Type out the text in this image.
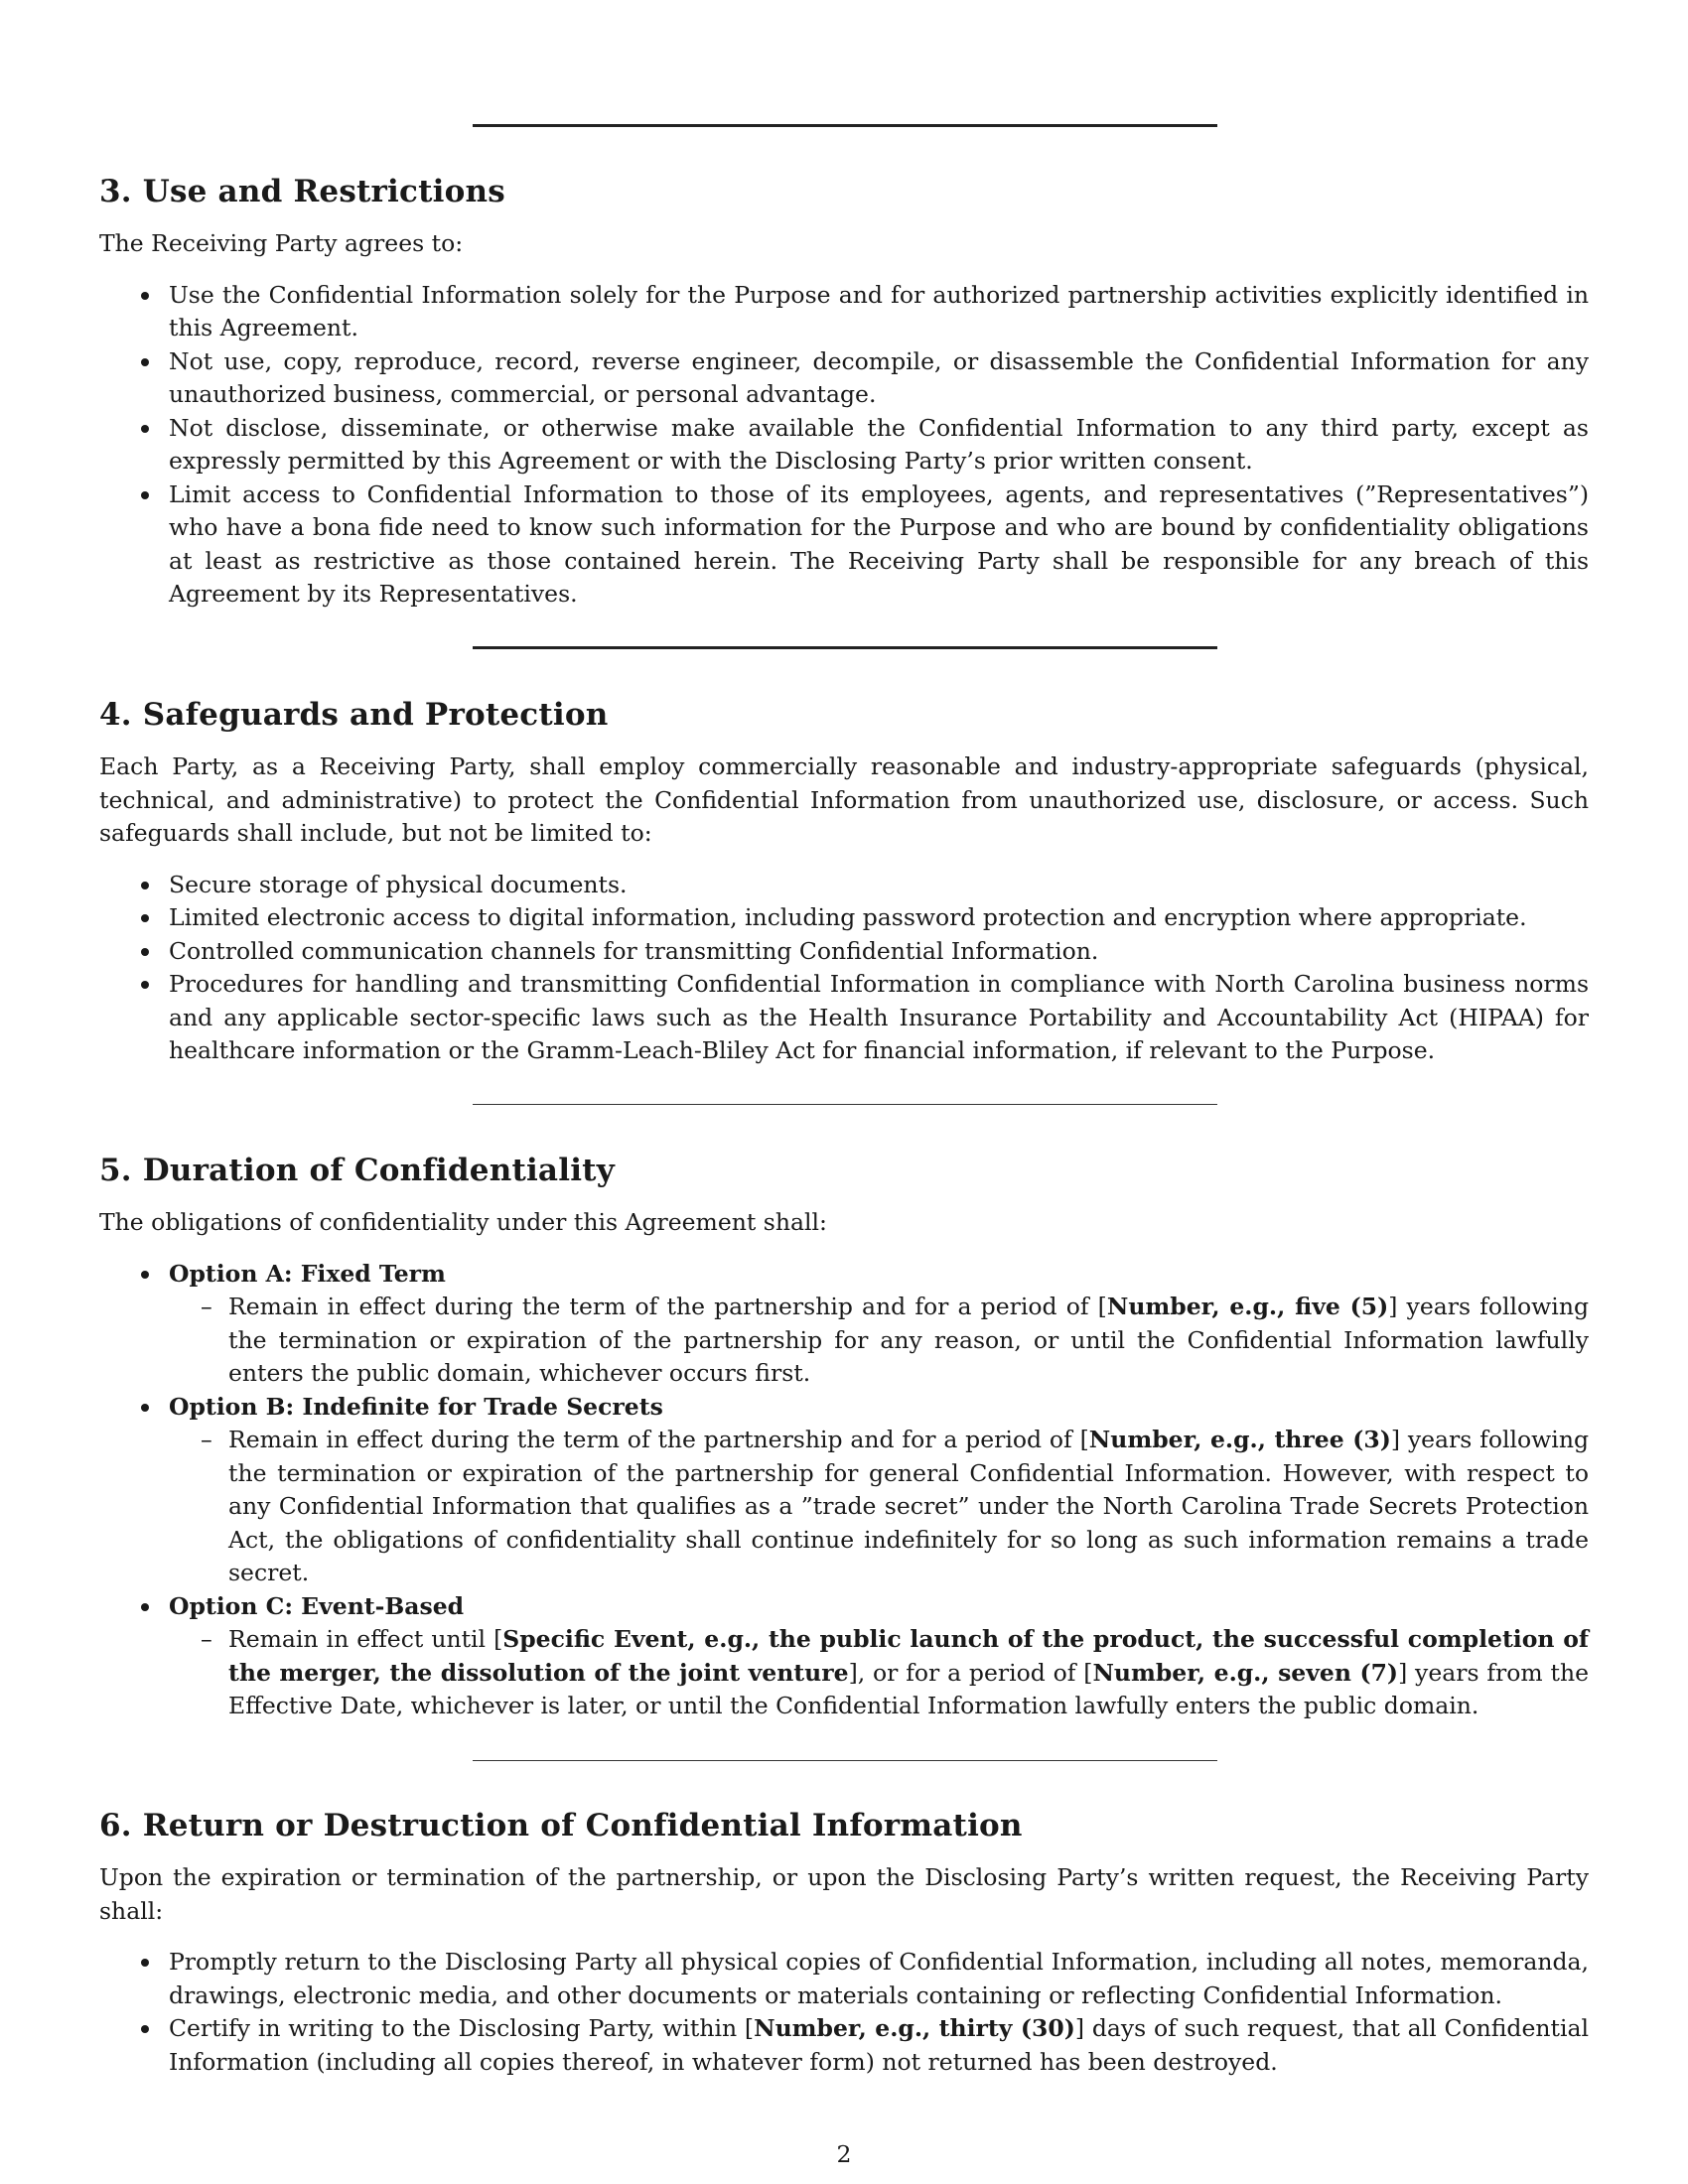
3. Use and Restrictions

The Receiving Party agrees to:

Use the Confidential Information solely for the Purpose and for authorized partnership activities explicitly identified in this Agreement.
Not use, copy, reproduce, record, reverse engineer, decompile, or disassemble the Confidential Information for any unauthorized business, commercial, or personal advantage.
Not disclose, disseminate, or otherwise make available the Confidential Information to any third party, except as expressly permitted by this Agreement or with the Disclosing Party’s prior written consent.
Limit access to Confidential Information to those of its employees, agents, and representatives (”Representatives”) who have a bona fide need to know such information for the Purpose and who are bound by confidentiality obligations at least as restrictive as those contained herein. The Receiving Party shall be responsible for any breach of this Agreement by its Representatives.
4. Safeguards and Protection

Each Party, as a Receiving Party, shall employ commercially reasonable and industry-appropriate safeguards (physical, technical, and administrative) to protect the Confidential Information from unauthorized use, disclosure, or access. Such safeguards shall include, but not be limited to:

Secure storage of physical documents.
Limited electronic access to digital information, including password protection and encryption where appropriate.
Controlled communication channels for transmitting Confidential Information.
Procedures for handling and transmitting Confidential Information in compliance with North Carolina business norms and any applicable sector-specific laws such as the Health Insurance Portability and Accountability Act (HIPAA) for healthcare information or the Gramm-Leach-Bliley Act for financial information, if relevant to the Purpose.
5. Duration of Confidentiality

The obligations of confidentiality under this Agreement shall:

Option A: Fixed Term
– Remain in effect during the term of the partnership and for a period of [Number, e.g., five (5)] years following the termination or expiration of the partnership for any reason, or until the Confidential Information lawfully enters the public domain, whichever occurs first.
Option B: Indefinite for Trade Secrets
– Remain in effect during the term of the partnership and for a period of [Number, e.g., three (3)] years following the termination or expiration of the partnership for general Confidential Information. However, with respect to any Confidential Information that qualifies as a ”trade secret” under the North Carolina Trade Secrets Protection Act, the obligations of confidentiality shall continue indefinitely for so long as such information remains a trade secret.
Option C: Event-Based
– Remain in effect until [Specific Event, e.g., the public launch of the product, the successful completion of the merger, the dissolution of the joint venture], or for a period of [Number, e.g., seven (7)] years from the Effective Date, whichever is later, or until the Confidential Information lawfully enters the public domain.
6. Return or Destruction of Confidential Information

Upon the expiration or termination of the partnership, or upon the Disclosing Party’s written request, the Receiving Party shall:

Promptly return to the Disclosing Party all physical copies of Confidential Information, including all notes, memoranda, drawings, electronic media, and other documents or materials containing or reflecting Confidential Information.
Certify in writing to the Disclosing Party, within [Number, e.g., thirty (30)] days of such request, that all Confidential Information (including all copies thereof, in whatever form) not returned has been destroyed.
2
